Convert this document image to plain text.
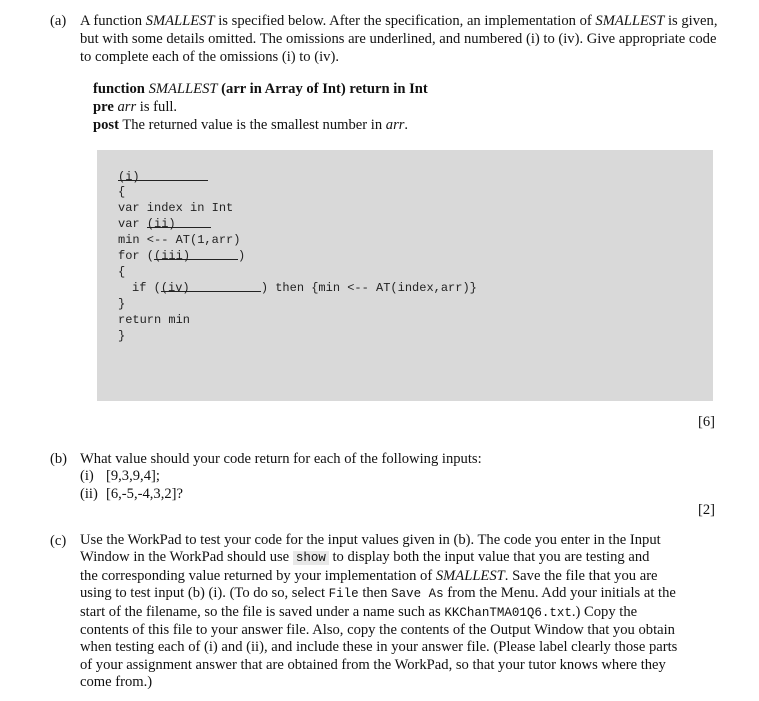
(a) A function SMALLEST is specified below. After the specification, an implementation of SMALLEST is given, but with some details omitted. The omissions are underlined, and numbered (i) to (iv). Give appropriate code to complete each of the omissions (i) to (iv).
function SMALLEST (arr in Array of Int) return in Int
pre arr is full.
post The returned value is the smallest number in arr.

(i)

{

var index in Int

var (ii)

min <-- AT(1,arr)

for ((iii)	)

{

if ((iv)	) then {min <-- AT(index,arr)}

}

return min

}

[6]
(b) What value should your code return for each of the following inputs:
(i) [9,3,9,4];
(ii) [6,-5,-4,3,2]?
[2]
(c) Use the WorkPad to test your code for the input values given in (b). The code you enter in the Input
Window in the WorkPad should use show to display both the input value that you are testing and
the corresponding value returned by your implementation of SMALLEST. Save the file that you are
using to test input (b) (i). (To do so, select File then Save As from the Menu. Add your initials at the
start of the filename, so the file is saved under a name such as KKChanTMA01Q6.txt.) Copy the
contents of this file to your answer file. Also, copy the contents of the Output Window that you obtain
when testing each of (i) and (ii), and include these in your answer file. (Please label clearly those parts
of your assignment answer that are obtained from the WorkPad, so that your tutor knows where they
come from.)
